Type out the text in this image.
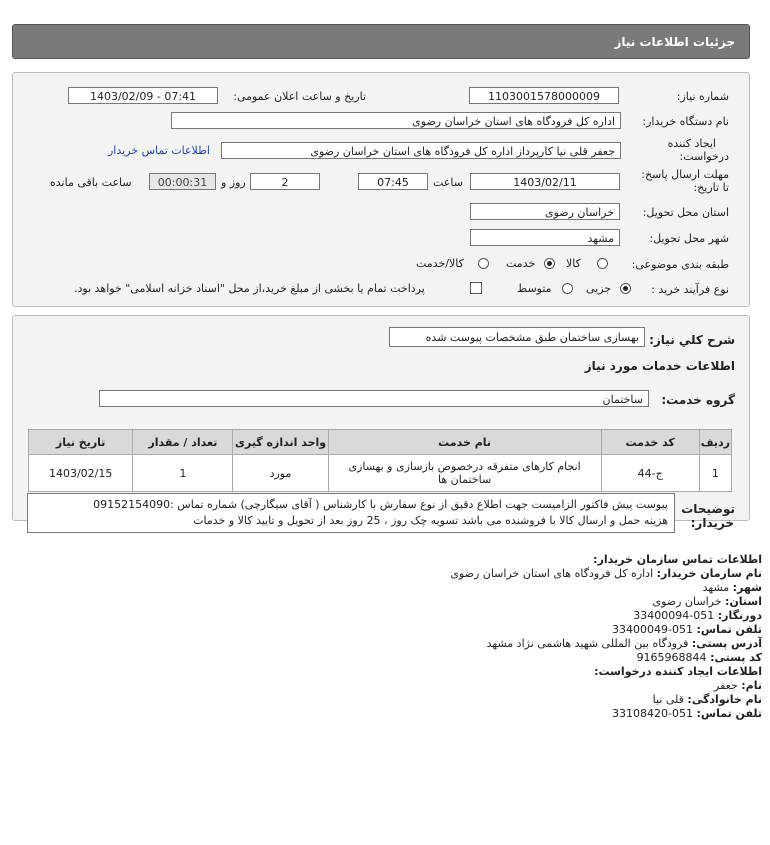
جزئیات اطلاعات نیاز
شماره نیاز:
1103001578000009
تاریخ و ساعت اعلان عمومی:
1403/02/09 - 07:41
نام دستگاه خریدار:
اداره کل فرودگاه های استان خراسان رضوی
ایجاد کننده
درخواست:
جعفر قلی نیا کارپرداز اداره کل فرودگاه های استان خراسان رضوی
اطلاعات تماس خریدار
مهلت ارسال پاسخ:
تا تاریخ:
1403/02/11
ساعت
07:45
2
روز و
00:00:31
ساعت باقی مانده
استان محل تحویل:
خراسان رضوی
شهر محل تحویل:
مشهد
طبقه بندی موضوعی:
کالا
خدمت
کالا/خدمت
نوع فرآیند خرید :
جزیی
متوسط
پرداخت تمام یا بخشی از مبلغ خرید،از محل "اسناد خزانه اسلامی" خواهد بود.
شرح کلي نياز:
بهسازی ساختمان طبق مشخصات پیوست شده
اطلاعات خدمات مورد نیاز
گروه خدمت:
ساختمان
توضیحات
ردیف	کد خدمت	نام خدمت	واحد اندازه گیری	تعداد / مقدار	تاریخ نیاز
1	ج-44	انجام کارهای متفرقه درخصوص بازسازی و بهسازی ساختمان ها	مورد	1	1403/02/15
خریدار:
پیوست پیش فاکتور الزامیست جهت اطلاع دقیق از نوع سفارش با کارشناس ( آقای سیگارچی) شماره تماس :09152154090
هزینه حمل و ارسال کالا با فروشنده می باشد تسویه چک روز ، 25 روز بعد از تحویل و تایید کالا و خدمات
اطلاعات تماس سازمان خریدار:
نام سازمان خریدار: اداره کل فرودگاه های استان خراسان رضوی
شهر: مشهد
استان: خراسان رضوی
دورنگار: 051-33400094
تلفن تماس: 051-33400049
آدرس پستی: فرودگاه بین المللی شهید هاشمی نژاد مشهد
کد پستی: 9165968844
اطلاعات ایجاد کننده درخواست:
نام: جعفر
نام خانوادگی: قلی نیا
تلفن تماس: 051-33108420
